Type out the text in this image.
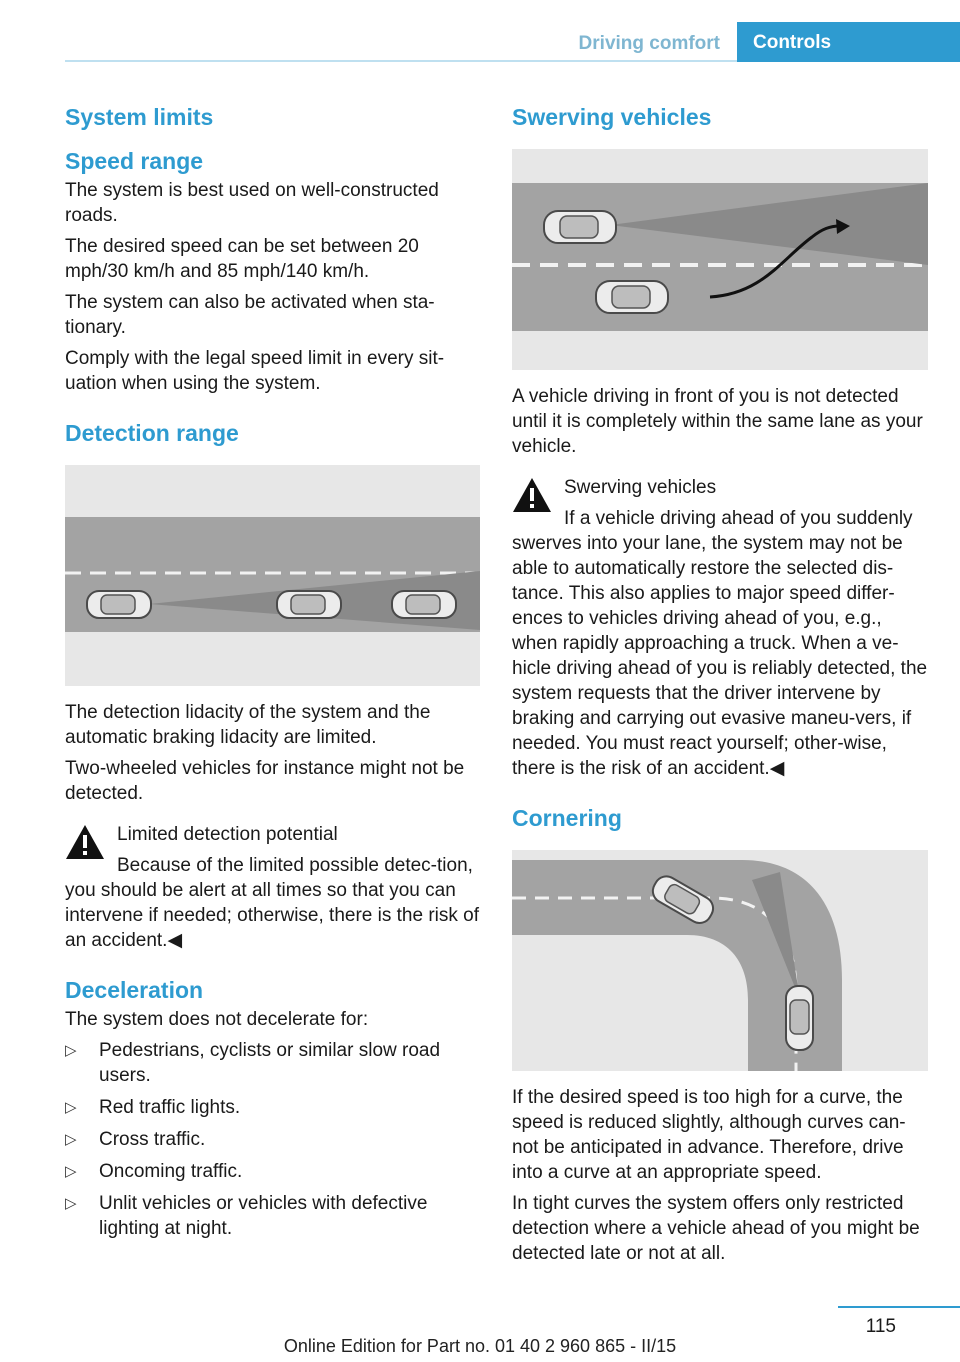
Driving comfort	Controls
System limits
Speed range

The system is best used on well-constructed roads.

The desired speed can be set between 20 mph/30 km/h and 85 mph/140 km/h.

The system can also be activated when sta‐tionary.

Comply with the legal speed limit in every sit‐uation when using the system.

Detection range

The detection lidacity of the system and the automatic braking lidacity are limited.

Two-wheeled vehicles for instance might not be detected.

Limited detection potential
Because of the limited possible detec‐tion, you should be alert at all times so that you can intervene if needed; otherwise, there is the risk of an accident.◀
Deceleration

The system does not decelerate for:

▷ Pedestrians, cyclists or similar slow road users.
▷ Red traffic lights.
▷ Cross traffic.
▷ Oncoming traffic.
▷ Unlit vehicles or vehicles with defective lighting at night.
Swerving vehicles

A vehicle driving in front of you is not detected until it is completely within the same lane as your vehicle.

Swerving vehicles
If a vehicle driving ahead of you suddenly swerves into your lane, the system may not be able to automatically restore the selected dis‐tance. This also applies to major speed differ‐ences to vehicles driving ahead of you, e.g., when rapidly approaching a truck. When a ve‐hicle driving ahead of you is reliably detected, the system requests that the driver intervene by braking and carrying out evasive maneu‐vers, if needed. You must react yourself; other‐wise, there is the risk of an accident.◀
Cornering

If the desired speed is too high for a curve, the speed is reduced slightly, although curves can‐not be anticipated in advance. Therefore, drive into a curve at an appropriate speed.

In tight curves the system offers only restricted detection where a vehicle ahead of you might be detected late or not at all.

115
Online Edition for Part no. 01 40 2 960 865 - II/15
